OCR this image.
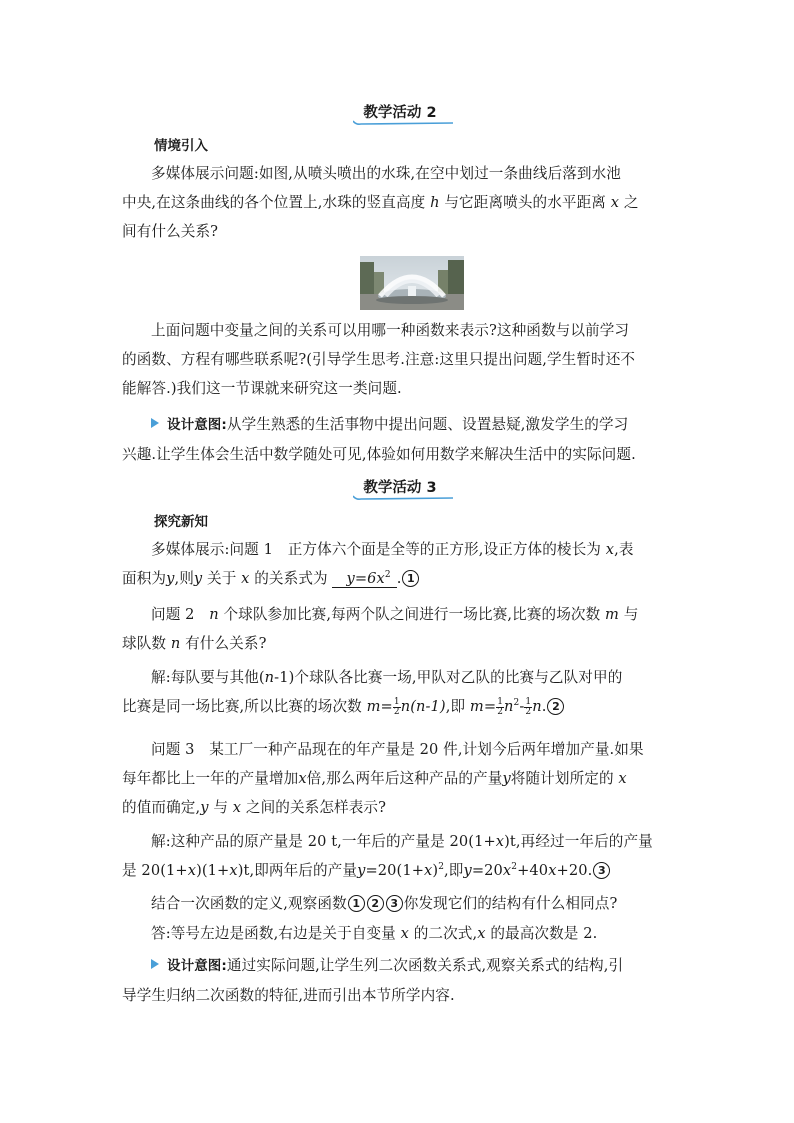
教学活动 2
情境引入
多媒体展示问题:如图,从喷头喷出的水珠,在空中划过一条曲线后落到水池
中央,在这条曲线的各个位置上,水珠的竖直高度 h 与它距离喷头的水平距离 x 之
间有什么关系?
上面问题中变量之间的关系可以用哪一种函数来表示?这种函数与以前学习
的函数、方程有哪些联系呢?(引导学生思考.注意:这里只提出问题,学生暂时还不
能解答.)我们这一节课就来研究这一类问题.
设计意图:从学生熟悉的生活事物中提出问题、设置悬疑,激发学生的学习
兴趣.让学生体会生活中数学随处可见,体验如何用数学来解决生活中的实际问题.
教学活动 3
探究新知
多媒体展示:问题 1　正方体六个面是全等的正方形,设正方体的棱长为 x,表
面积为y,则y 关于 x 的关系式为 $y=6x^2$ . 1
问题 2　n 个球队参加比赛,每两个队之间进行一场比赛,比赛的场次数 m 与
球队数 n 有什么关系?
解:每队要与其他(n-1)个球队各比赛一场,甲队对乙队的比赛与乙队对甲的
比赛是同一场比赛,所以比赛的场次数 $m= \frac{1}{2} n(n-1)$,即 $m= \frac{1}{2} n^2- \frac{1}{2} n$. 2
问题 3　某工厂一种产品现在的年产量是 20 件,计划今后两年增加产量.如果
每年都比上一年的产量增加x倍,那么两年后这种产品的产量y将随计划所定的 x
的值而确定,y 与 x 之间的关系怎样表示?
解:这种产品的原产量是 20 t,一年后的产量是 20(1+x)t,再经过一年后的产量
是 20(1+x)(1+x)t,即两年后的产量$y=20(1+x)^2$,即$y=20x^2+40x+20$. 3
结合一次函数的定义,观察函数 1 2 3 你发现它们的结构有什么相同点?
答:等号左边是函数,右边是关于自变量 x 的二次式,x 的最高次数是 2.
设计意图:通过实际问题,让学生列二次函数关系式,观察关系式的结构,引
导学生归纳二次函数的特征,进而引出本节所学内容.
